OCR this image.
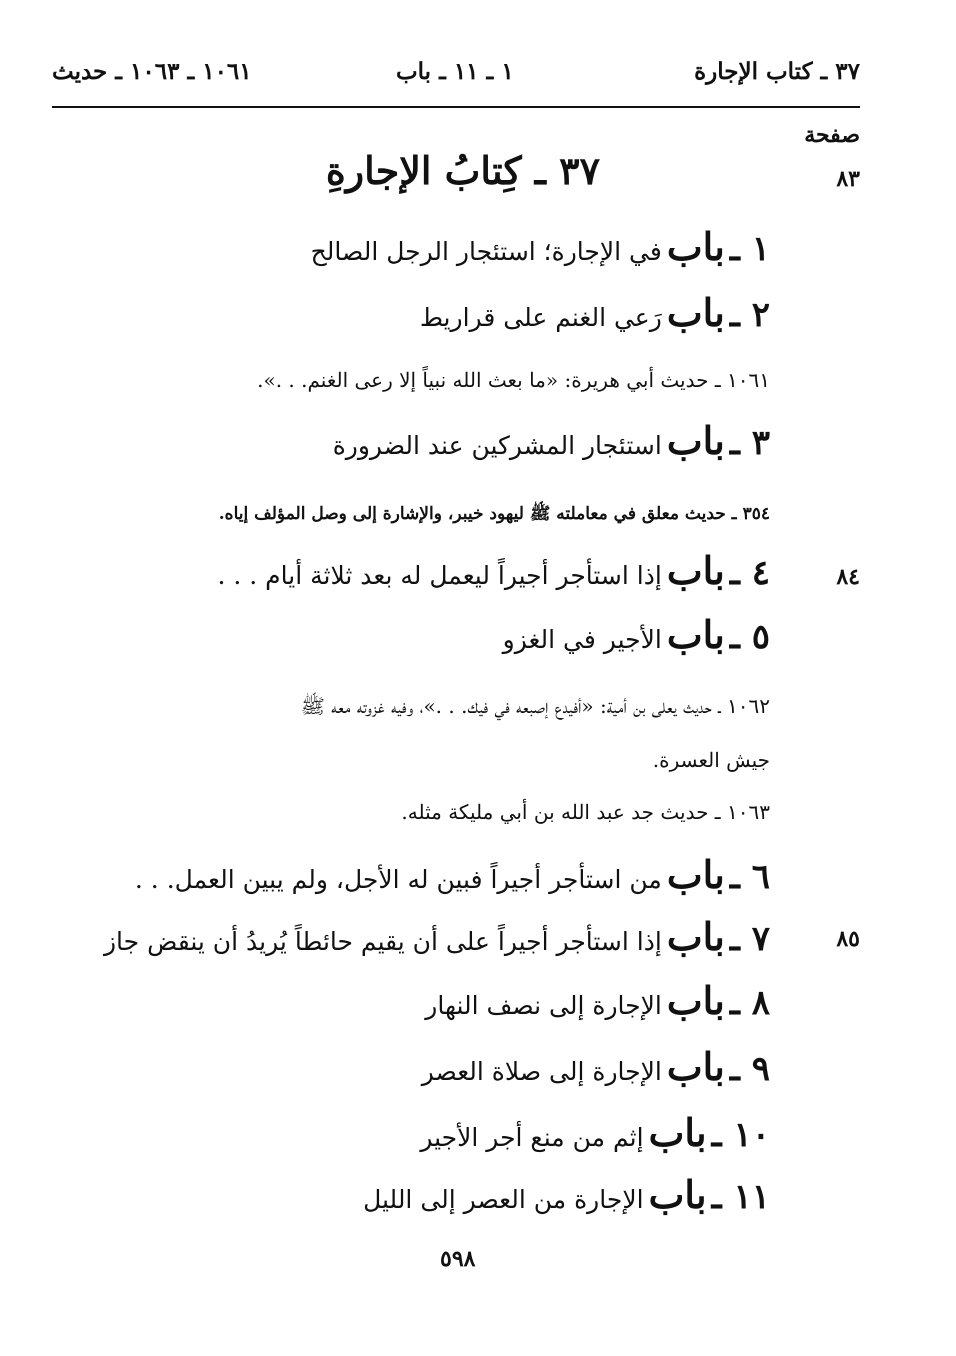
٣٧ ـ كتاب الإجارة
١ ـ ١١ ـ باب
١٠٦١ ـ ١٠٦٣ ـ حديث
صفحة
٨٣
٨٤
٨٥
٣٧ ـ كِتابُ الإجارةِ
١ ـ باب في الإجارة؛ استئجار الرجل الصالح
٢ ـ باب رَعي الغنم على قراريط
١٠٦١ ـ حديث أبي هريرة: «ما بعث الله نبياً إلا رعى الغنم. . .».
٣ ـ باب استئجار المشركين عند الضرورة
٣٥٤ ـ حديث معلق في معاملته ﷺ ليهود خيبر، والإشارة إلى وصل المؤلف إياه.
٤ ـ باب إذا استأجر أجيراً ليعمل له بعد ثلاثة أيام . . .
٥ ـ باب الأجير في الغزو
١٠٦٢ ـ حديث يعلى بن أمية: «أفيدع إصبعه في فيك. . .»، وفيه غزوته معه ﷺ
جيش العسرة.
١٠٦٣ ـ حديث جد عبد الله بن أبي مليكة مثله.
٦ ـ باب من استأجر أجيراً فبين له الأجل، ولم يبين العمل. . .
٧ ـ باب إذا استأجر أجيراً على أن يقيم حائطاً يُريدُ أن ينقض جاز
٨ ـ باب الإجارة إلى نصف النهار
٩ ـ باب الإجارة إلى صلاة العصر
١٠ ـ باب إثم من منع أجر الأجير
١١ ـ باب الإجارة من العصر إلى الليل
٥٩٨
